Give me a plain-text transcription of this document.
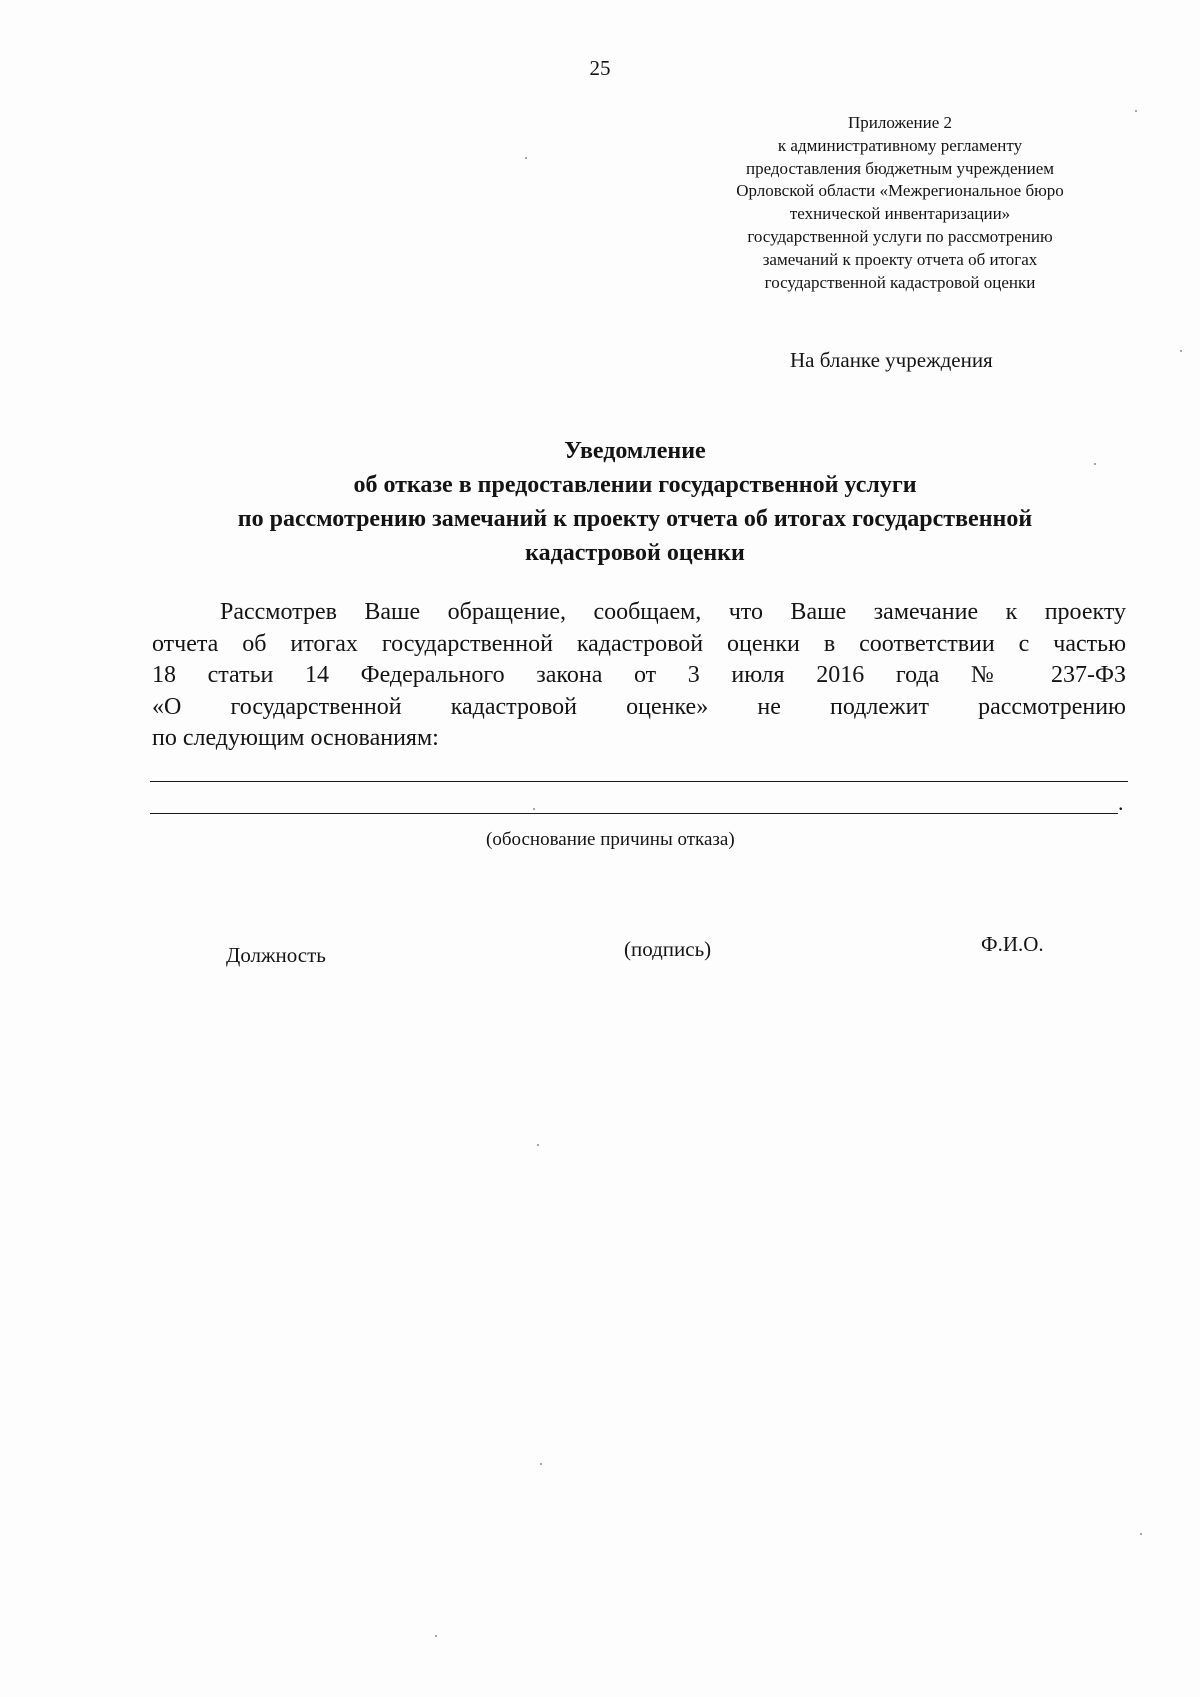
25
Приложение 2
к административному регламенту
предоставления бюджетным учреждением
Орловской области «Межрегиональное бюро
технической инвентаризации»
государственной услуги по рассмотрению
замечаний к проекту отчета об итогах
государственной кадастровой оценки
На бланке учреждения
Уведомление
об отказе в предоставлении государственной услуги
по рассмотрению замечаний к проекту отчета об итогах государственной
кадастровой оценки
Рассмотрев Ваше обращение, сообщаем, что Ваше замечание к проекту
отчета об итогах государственной кадастровой оценки в соответствии с частью
18 статьи 14 Федерального закона от 3 июля 2016 года № 237-ФЗ
«О государственной кадастровой оценке» не подлежит рассмотрению
по следующим основаниям:
.
(обоснование причины отказа)
Должность	(подпись)	Ф.И.О.
